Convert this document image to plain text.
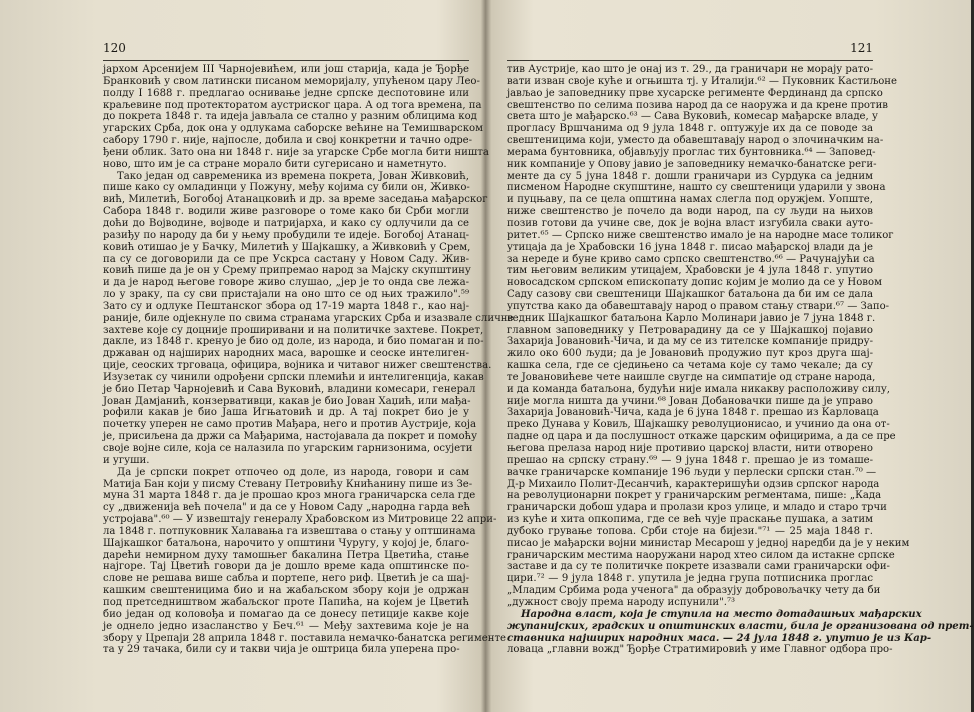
120
јархом Арсенијем III Чарнојевићем, или још старија, када је Ђорђе
Бранковић у свом латински писаном меморијалу, упућеном цару Лео-
полду I 1688 г. предлагао оснивање једне српске деспотовине или
краљевине под протекторатом аустриског цара. А од тога времена, па
до покрета 1848 г. та идеја јављала се стално у разним облицима код
угарских Срба, док она у одлукама саборске већине на Темишварском
сабору 1790 г. није, најпосле, добила и свој конкретни и тачно одре-
ђени облик. Зато она ни 1848 г. није за угарске Србе могла бити ништа
ново, што им је са стране морало бити сугерисано и наметнуто.
Тако један од савременика из времена покрета, Јован Живковић,
пише како су омладинци у Пожуну, међу којима су били он, Живко-
вић, Милетић, Богобој Атанацковић и др. за време заседања мађарског
Сабора 1848 г. водили живе разговоре о томе како би Срби могли
доћи до Војводине, војводе и патријарха, и како су одлучили да се
разиђу по народу да би у њему пробудили те идеје. Богобој Атанац-
ковић отишао је у Бачку, Милетић у Шајкашку, а Живковић у Срем,
па су се договорили да се пре Ускрса састану у Новом Саду. Жив-
ковић пише да је он у Срему припремао народ за Мајску скупштину
и да је народ његове говоре живо слушао, „јер је то онда све лежа-
ло у зраку, па су сви пристајали на оно што се од њих тражило".⁵⁹
Зато су и одлуке Пештанског збора од 17-19 марта 1848 г., као наj-
раније, биле одјекнуле по свима странама угарских Срба и изазвале сличне
захтеве које су доцније проширивани и на политичке захтеве. Покрет,
дакле, из 1848 г. кренуо је био од доле, из народа, и био помаган и пo-
државан од најширих народних маса, варошке и сеоске интелиген-
ције, сеоских трговаца, официра, војника и читавог нижег свештенства.
Изузетак су чинили одрођени српски племићи и интелигенција, какав
је био Петар Чарнојевић и Сава Вуковић, владини комесари, генерал
Јован Дамјанић, конзервативци, какав је био Јован Хаџић, или мађа-
рофили какав је био Јаша Игњатовић и др. А тај покрет био је у
почетку уперен не само против Мађара, него и против Аустрије, која
је, присиљена да држи са Мађарима, настојавала да покрет и помоћу
своје војне силе, која се налазила по угарским гарнизонима, осујети
и угуши.
Да је српски покрет отпочео од доле, из народа, говори и сам
Матија Бан који у писму Стевану Петровићу Книћанину пише из Зе-
муна 31 марта 1848 г. да је прошао кроз многа граничарска села где
су „движенија већ почела" и да се у Новом Саду „народна гарда већ
устројава".⁶⁰ — У извештају генералу Храбовском из Митровице 22 апри-
ла 1848 г. потпуковник Халавања га извештава о стању у оптшинама
Шајкашког батаљона, нарочито у општини Чуругу, у којој је, благо-
дарећи немирном духу тамошњег бакалина Петра Цветића, стање
најгоре. Тај Цветић говори да је дошло време када општинске по-
слове не решава више сабља и портепе, него риф. Цветић је са шај-
кашким свештеницима био и на жабаљском збору који је одржан
под претседништвом жабаљског проте Папића, на којем је Цветић
био један од коловођа и помагао да се донесу петиције какве које
је однело једно изасланство у Беч.⁶¹ — Међу захтевима које је на
збору у Црепаји 28 априла 1848 г. поставила немачко-банатска регименте
та у 29 тачака, били су и такви чија је оштрица била уперена про-
121
тив Аустрије, као што је онај из т. 29., да граничари не морају рато-
вати изван своје куће и огњишта тј. у Италији.⁶² — Пуковник Кастиљоне
јављао је заповеднику прве хусарске регименте Фердинанд да српско
свештенство по селима позива народ да се наоружа и да крене против
света што је мађарско.⁶³ — Сава Вуковић, комесар мађарске владе, у
прогласу Вршчанима од 9 јула 1848 г. оптужује их да се поводе за
свештеницима који, уместо да обавештавају народ о злочиначким на-
мерама бунтовника, објављују проглас тих бунтовника.⁶⁴ — Заповед-
ник компаније у Опову јавио је заповеднику немачко-банатске реги-
менте да су 5 јуна 1848 г. дошли граничари из Сурдука са једним
писменом Народне скупштине, нашто су свештеници ударили у звона
и пуцњаву, па се цела општина намах слегла под оружјем. Уопште,
ниже свештенство је почело да води народ, па су људи на њихов
позив готови да учине све, док је војна власт изгубила сваки ауто-
ритет.⁶⁵ — Српско ниже свештенство имало је на народне масе толиког
утицаја да је Храбовски 16 јуна 1848 г. писао мађарској влади да је
за нереде и буне криво само српско свештенство.⁶⁶ — Рачунајући са
тим његовим великим утицајем, Храбовски је 4 јула 1848 г. упутио
новосадском српском епископату допис којим је молио да се у Новом
Саду сазову сви свештеници Шајкашког батаљона да би им се дала
упутства како да обавештавају народ о правом стању ствари.⁶⁷ — Запо-
ведник Шајкашког батаљона Карло Молинари јавио је 7 јуна 1848 г.
главном заповеднику у Петроварадину да се у Шајкашкој појавио
Захарија Јовановић-Чича, и да му се из тителске компаније придру-
жило око 600 људи; да је Јовановић продужио пут кроз друга шај-
кашка села, где се сједињено са четама које су тамо чекале; да су
те Јовановићеве чете наишле свугде на симпатије од стране народа,
и да команда батаљона, будући није имала никакву расположиву силу,
није могла ништа да учини.⁶⁸ Јован Добановачки пише да је управо
Захарија Јовановић-Чича, када је 6 јуна 1848 г. прешао из Карловаца
преко Дунава у Ковиљ, Шајкашку револуционисао, и учинио да она от-
падне од цара и да послушност откаже царским официрима, а да се пре
његова прелаза народ није противио царској власти, нити отворено
прешао на српску страну.⁶⁹ — 9 јуна 1848 г. прешао је из томаше-
вачке граничарске компаније 196 људи у перлески српски стан.⁷⁰ —
Д-р Михаило Полит-Десанчић, карактеришући одзив српског народа
на револуционарни покрет у граничарским регментама, пише: „Када
граничарски добош удара и пролази кроз улице, и младо и старо трчи
из куће и хита опкопима, где се већ чује праскање пушака, а затим
дубоко грување топова. Срби стоје на бијези."⁷¹ — 25 маја 1848 г.
писао је мађарски војни министар Месарош у једној наредби да је у неким
граничарским местима наоружани народ хтео силом да истакне српске
заставе и да су те политичке покрете изазвали сами граничарски офи-
цири.⁷² — 9 јула 1848 г. упутила је једна група потписника проглас
„Младим Србима рода ученога" да образују добровољачку чету да би
„дужност своју према народу испунили".⁷³
Народна власт, која је ступила на место дотадашњих мађарских
жупанијских, градских и општинских власти, била је организована од прет-
ставника најширих народних маса. — 24 јула 1848 г. упутио је из Кар-
ловаца „главни вожд" Ђорђе Стратимировић у име Главног одбора про-
